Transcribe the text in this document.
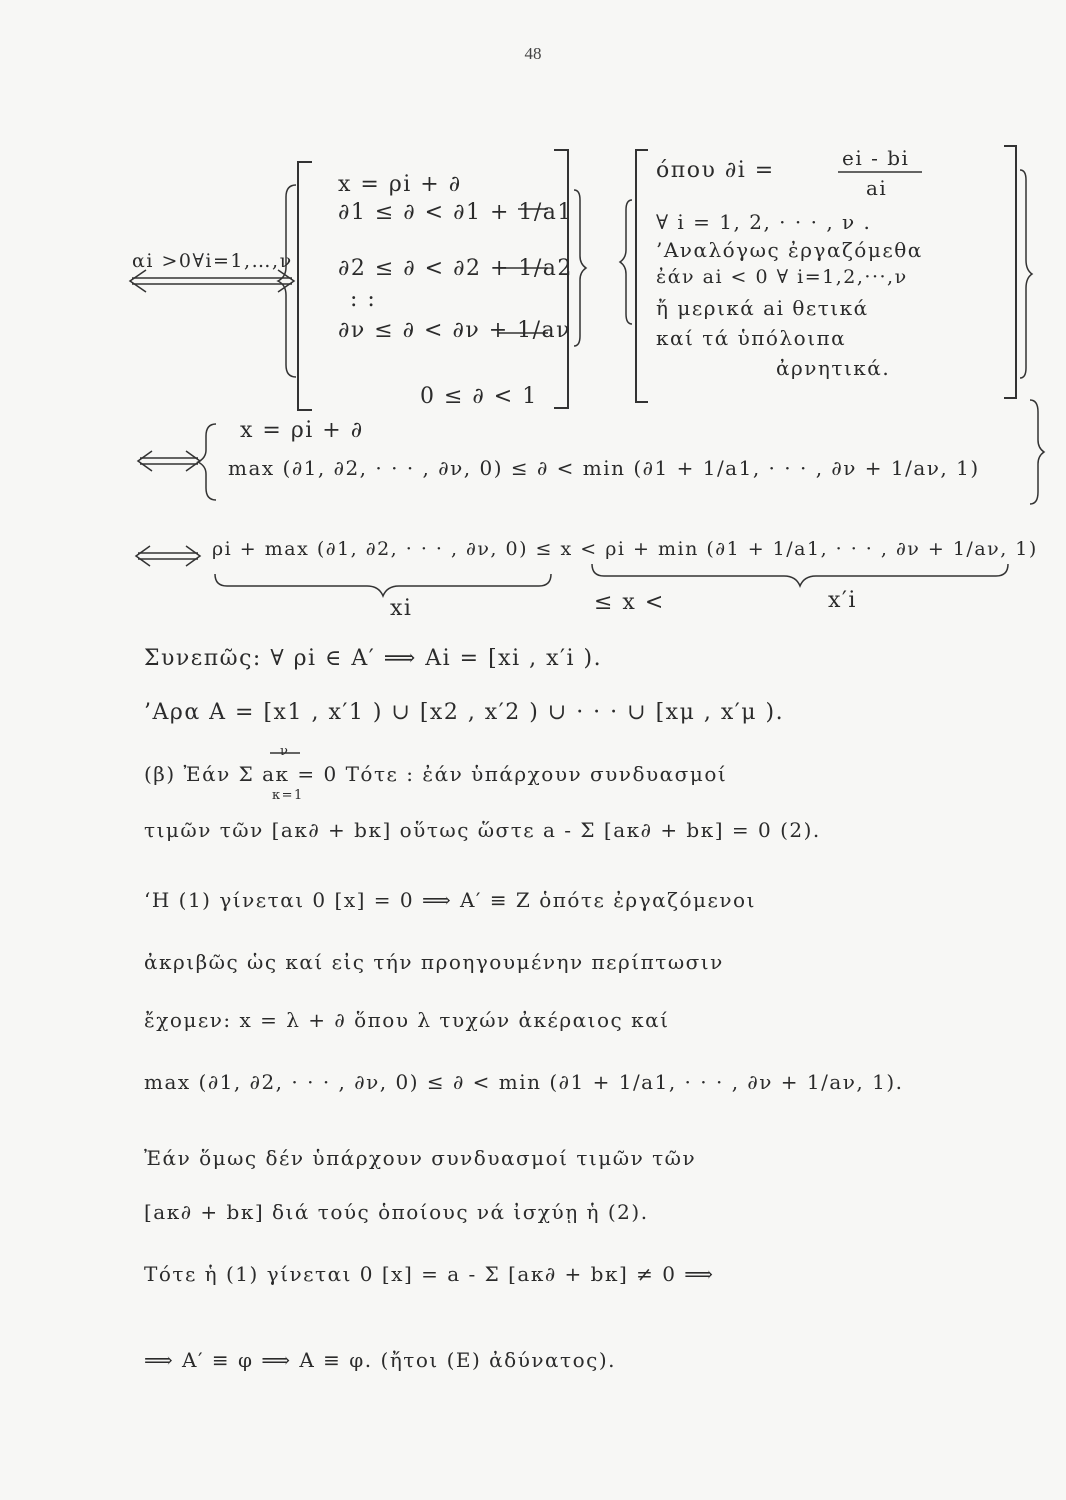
48
αi >0∀i=1,…,ν
x = ρi + ∂
∂1 ≤ ∂ < ∂1 + 1/a1
∂2 ≤ ∂ < ∂2 + 1/a2
: :
∂ν ≤ ∂ < ∂ν + 1/aν
0 ≤ ∂ < 1
όπου ∂i =	ei - bi
ai
∀ i = 1, 2, · · · , ν .
’Αναλόγως ἐργαζόμεθα
ἐάν ai < 0 ∀ i=1,2,···,ν
ἤ μερικά ai θετικά
καί τά ὑπόλοιπα
ἀρνητικά.
x = ρi + ∂
max (∂1, ∂2, · · · , ∂ν, 0) ≤ ∂ < min (∂1 + 1/a1, · · · , ∂ν + 1/aν, 1)
ρi + max (∂1, ∂2, · · · , ∂ν, 0) ≤ x < ρi + min (∂1 + 1/a1, · · · , ∂ν + 1/aν, 1)
xi	≤ x <	x′i
Συνεπῶς: ∀ ρi ∈ A′ ⟹ Ai = [xi , x′i ).
’Αρα A = [x1 , x′1 ) ∪ [x2 , x′2 ) ∪ · · · ∪ [xμ , x′μ ).
(β) Ἐάν Σ aκ = 0 Τότε : ἐάν ὑπάρχουν συνδυασμοί
κ=1
ν
τιμῶν τῶν [aκ∂ + bκ] οὕτως ὥστε a - Σ [aκ∂ + bκ] = 0 (2).
‘Η (1) γίνεται 0 [x] = 0 ⟹ A′ ≡ Z ὁπότε ἐργαζόμενοι
ἀκριβῶς ὡς καί εἰς τήν προηγουμένην περίπτωσιν
ἔχομεν: x = λ + ∂ ὅπου λ τυχών ἀκέραιος καί
max (∂1, ∂2, · · · , ∂ν, 0) ≤ ∂ < min (∂1 + 1/a1, · · · , ∂ν + 1/aν, 1).
Ἐάν ὅμως δέν ὑπάρχουν συνδυασμοί τιμῶν τῶν
[aκ∂ + bκ] διά τούς ὁποίους νά ἰσχύῃ ἡ (2).
Τότε ἡ (1) γίνεται 0 [x] = a - Σ [aκ∂ + bκ] ≠ 0 ⟹
⟹ A′ ≡ φ ⟹ A ≡ φ. (ἤτοι (E) ἀδύνατος).
